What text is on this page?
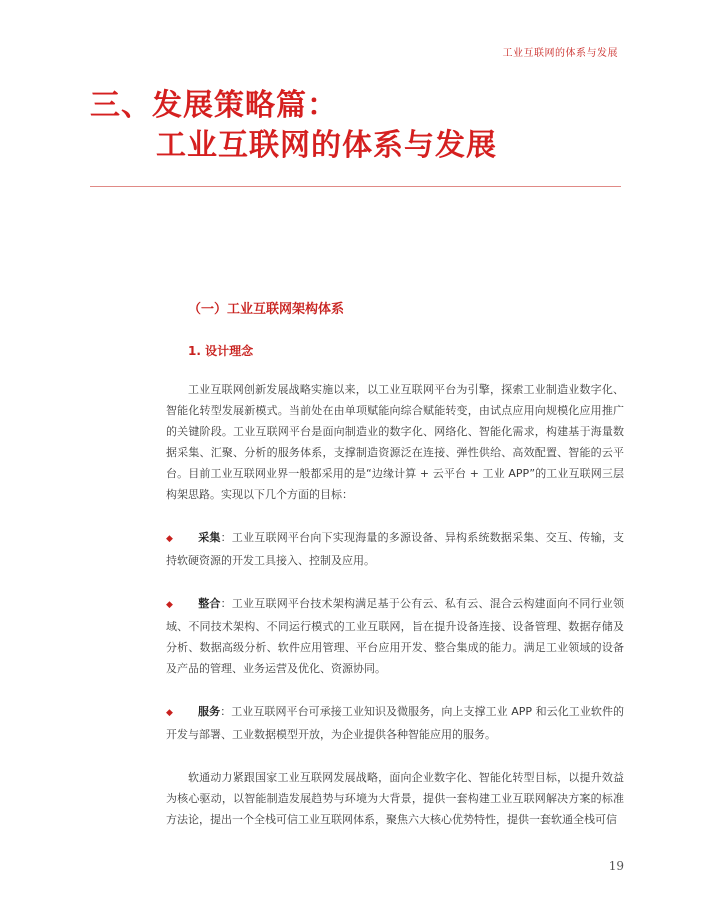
工业互联网的体系与发展
三、发展策略篇：
工业互联网的体系与发展
（一）工业互联网架构体系
1. 设计理念

工业互联网创新发展战略实施以来，以工业互联网平台为引擎，探索工业制造业数字化、智能化转型发展新模式。当前处在由单项赋能向综合赋能转变，由试点应用向规模化应用推广的关键阶段。工业互联网平台是面向制造业的数字化、网络化、智能化需求，构建基于海量数据采集、汇聚、分析的服务体系，支撑制造资源泛在连接、弹性供给、高效配置、智能的云平台。目前工业互联网业界一般都采用的是“边缘计算 + 云平台 + 工业 APP”的工业互联网三层构架思路。实现以下几个方面的目标：

◆ 采集：工业互联网平台向下实现海量的多源设备、异构系统数据采集、交互、传输，支持软硬资源的开发工具接入、控制及应用。

◆ 整合：工业互联网平台技术架构满足基于公有云、私有云、混合云构建面向不同行业领域、不同技术架构、不同运行模式的工业互联网，旨在提升设备连接、设备管理、数据存储及分析、数据高级分析、软件应用管理、平台应用开发、整合集成的能力。满足工业领域的设备及产品的管理、业务运营及优化、资源协同。

◆ 服务：工业互联网平台可承接工业知识及微服务，向上支撑工业 APP 和云化工业软件的开发与部署、工业数据模型开放，为企业提供各种智能应用的服务。

软通动力紧跟国家工业互联网发展战略，面向企业数字化、智能化转型目标，以提升效益为核心驱动，以智能制造发展趋势与环境为大背景，提供一套构建工业互联网解决方案的标准方法论，提出一个全栈可信工业互联网体系，聚焦六大核心优势特性，提供一套软通全栈可信

19
